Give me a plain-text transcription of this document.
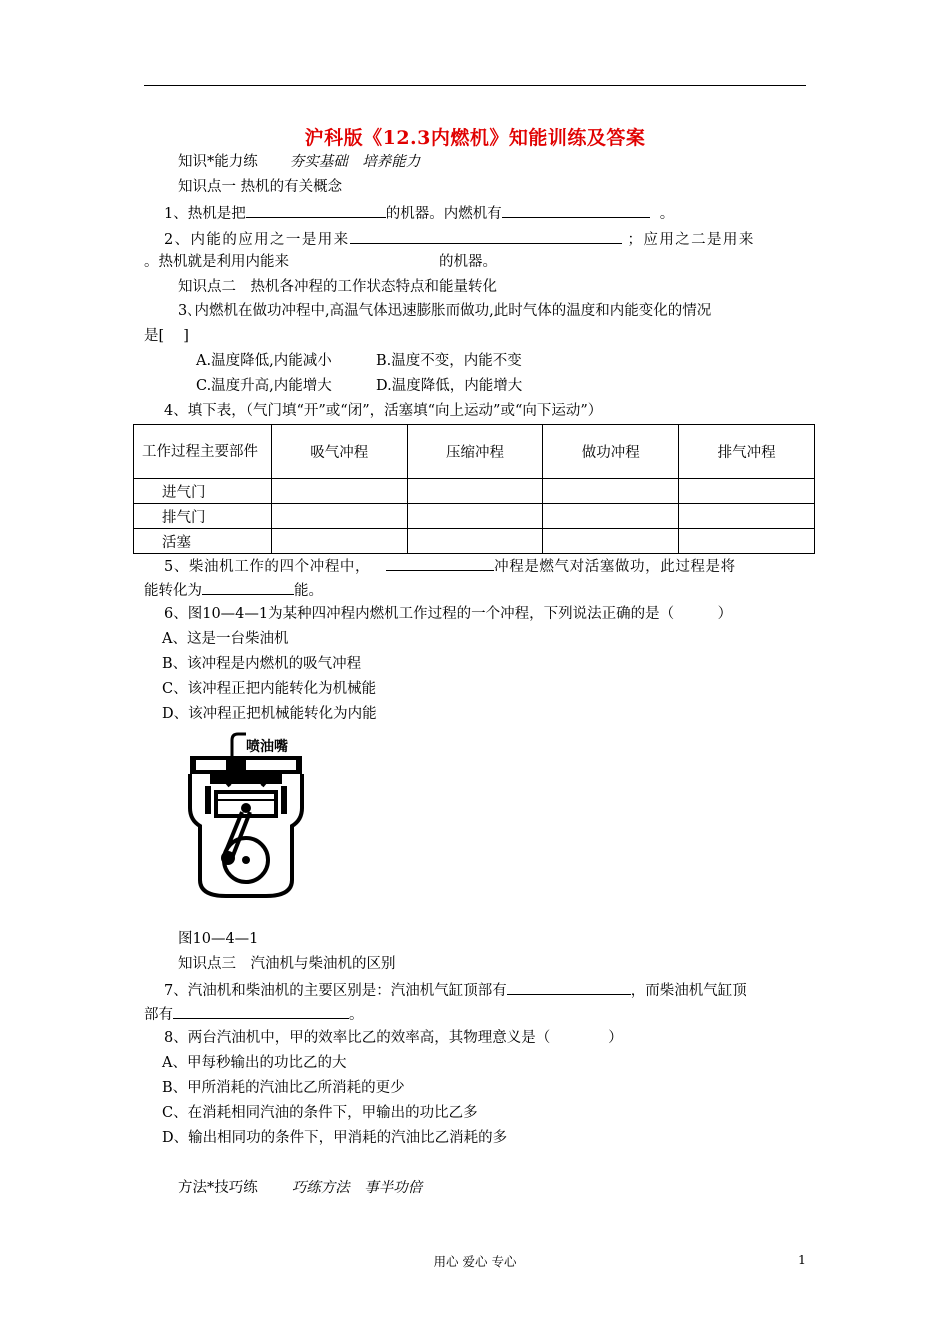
沪科版《12.3内燃机》知能训练及答案
知识*能力练 夯实基础　培养能力
知识点一 热机的有关概念
1、热机是把	的机器。内燃机有	。
2、内能的应用之一是用来	；应用之二是用来
。热机就是利用内能来	的机器。
知识点二　热机各冲程的工作状态特点和能量转化
3､内燃机在做功冲程中,高温气体迅速膨胀而做功,此时气体的温度和内能变化的情况
是[　 ]
A.温度降低,内能减小	B.温度不变，内能不变
C.温度升高,内能增大	D.温度降低，内能增大
4、填下表，（气门填“开”或“闭”，活塞填“向上运动”或“向下运动”）
工作过程主要部件	吸气冲程	压缩冲程	做功冲程	排气冲程
进气门				
排气门				
活塞				
5、柴油机工作的四个冲程中，	冲程是燃气对活塞做功，此过程是将
能转化为	能。
6、图10—4—1为某种四冲程内燃机工作过程的一个冲程，下列说法正确的是（　　　）
A、这是一台柴油机
B、该冲程是内燃机的吸气冲程
C、该冲程正把内能转化为机械能
D、该冲程正把机械能转化为内能
喷油嘴
图10—4—1
知识点三　汽油机与柴油机的区别
7、汽油机和柴油机的主要区别是：汽油机气缸顶部有	，而柴油机气缸顶
部有	。
8、两台汽油机中，甲的效率比乙的效率高，其物理意义是（　　　　）
A、甲每秒输出的功比乙的大
B、甲所消耗的汽油比乙所消耗的更少
C、在消耗相同汽油的条件下，甲输出的功比乙多
D、输出相同功的条件下，甲消耗的汽油比乙消耗的多
方法*技巧练 巧练方法　事半功倍
用心 爱心 专心	1
